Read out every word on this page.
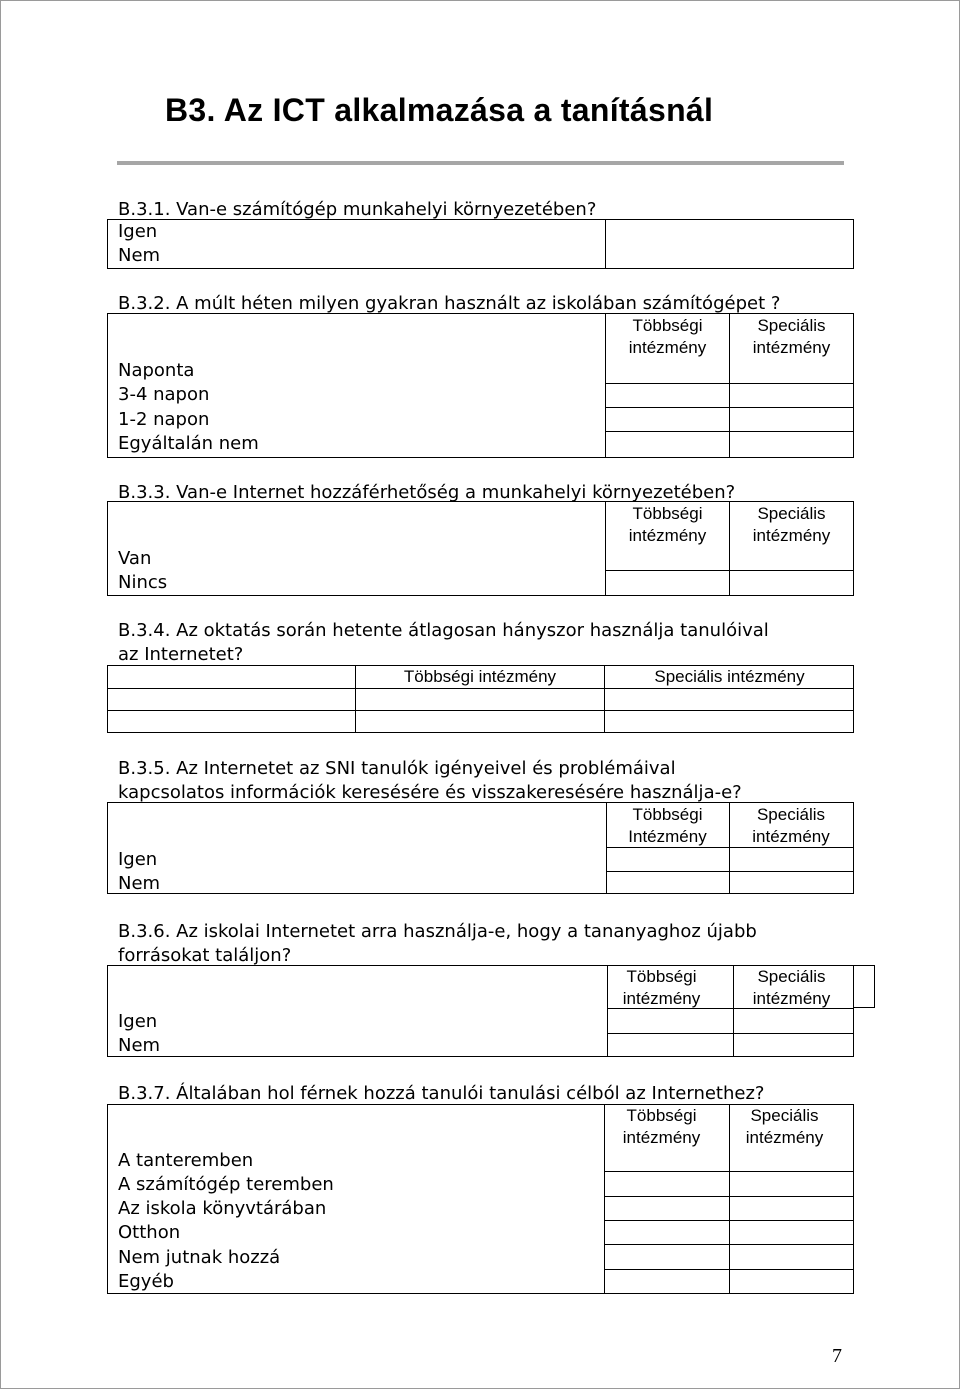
B3. Az ICT alkalmazása a tanításnál
B.3.1. Van-e számítógép munkahelyi környezetében?
Igen
Nem
B.3.2. A múlt héten milyen gyakran használt az iskolában számítógépet ?
Többségi
intézmény
Speciális
intézmény
Naponta
3-4 napon
1-2 napon
Egyáltalán nem
B.3.3. Van-e Internet hozzáférhetőség a munkahelyi környezetében?
Többségi
intézmény
Speciális
intézmény
Van
Nincs
B.3.4. Az oktatás során hetente átlagosan hányszor használja tanulóival
az Internetet?
Többségi intézmény	Speciális intézmény
B.3.5. Az Internetet az SNI tanulók igényeivel és problémáival
kapcsolatos információk keresésére és visszakeresésére használja-e?
Többségi
Intézmény
Speciális
intézmény
Igen
Nem
B.3.6. Az iskolai Internetet arra használja-e, hogy a tananyaghoz újabb
forrásokat találjon?
Többségi
intézmény
Speciális
intézmény
Igen
Nem
B.3.7. Általában hol férnek hozzá tanulói tanulási célból az Internethez?
Többségi
intézmény
Speciális
intézmény
A tanteremben
A számítógép teremben
Az iskola könyvtárában
Otthon
Nem jutnak hozzá
Egyéb
7
